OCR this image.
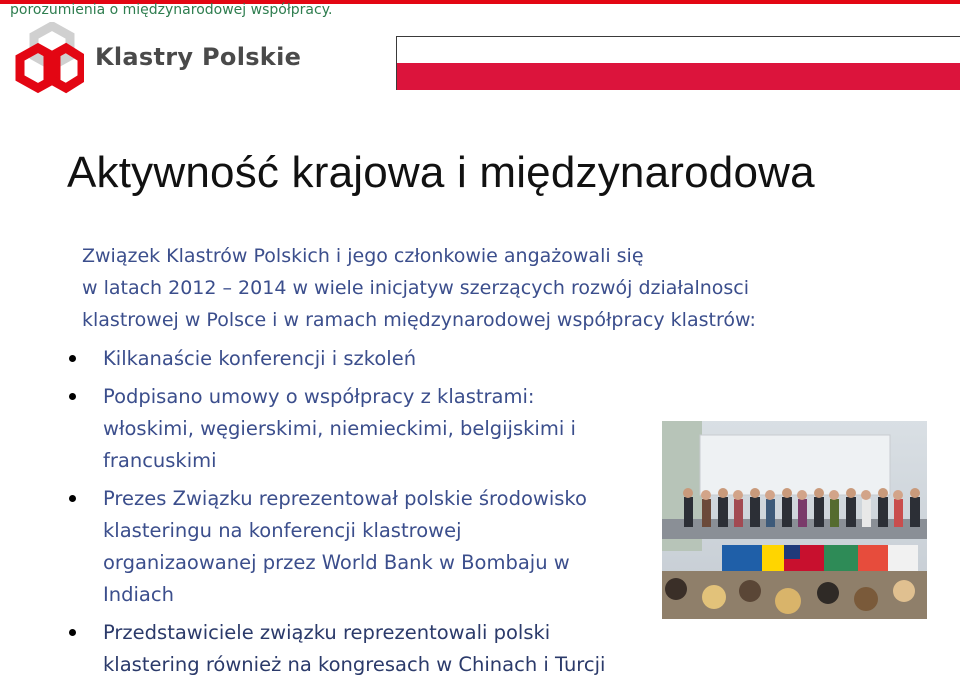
porozumienia o międzynarodowej współpracy.
Klastry Polskie
Aktywność krajowa i międzynarodowa
Związek Klastrów Polskich i jego członkowie angażowali się
w latach 2012 – 2014 w wiele inicjatyw szerzących rozwój działalnosci
klastrowej w Polsce i w ramach międzynarodowej współpracy klastrów:
Kilkanaście konferencji i szkoleń
Podpisano umowy o współpracy z klastrami:
włoskimi, węgierskimi, niemieckimi, belgijskimi i
francuskimi
Prezes Związku reprezentował polskie środowisko
klasteringu na konferencji klastrowej
organizaowanej przez World Bank w Bombaju w
Indiach
Przedstawiciele związku reprezentowali polski
klastering również na kongresach w Chinach i Turcji
